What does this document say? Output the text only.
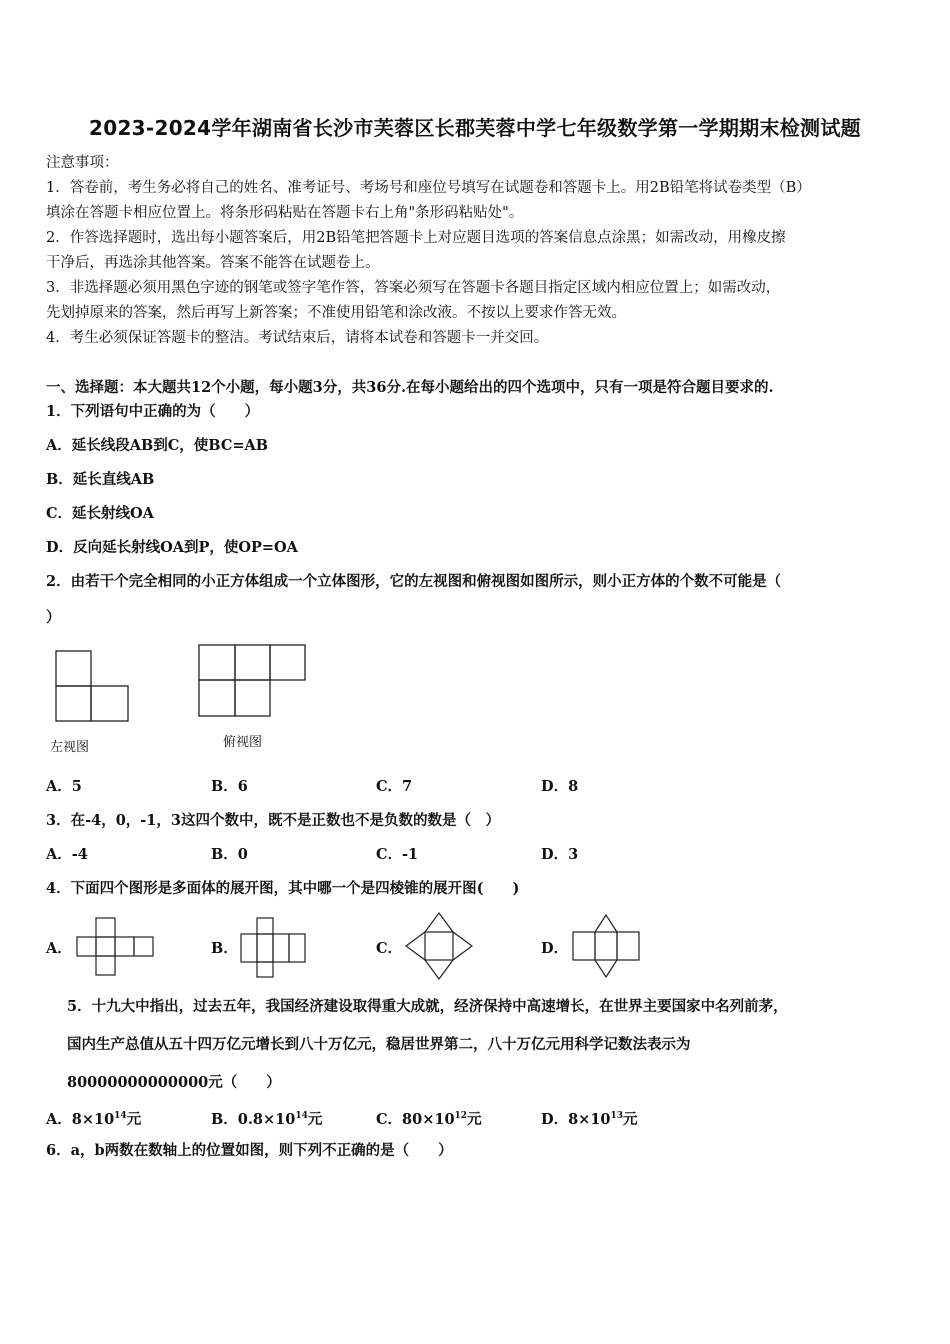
2023-2024学年湖南省长沙市芙蓉区长郡芙蓉中学七年级数学第一学期期末检测试题
注意事项：
1．答卷前，考生务必将自己的姓名、准考证号、考场号和座位号填写在试题卷和答题卡上。用2B铅笔将试卷类型（B）
填涂在答题卡相应位置上。将条形码粘贴在答题卡右上角"条形码粘贴处"。
2．作答选择题时，选出每小题答案后，用2B铅笔把答题卡上对应题目选项的答案信息点涂黑；如需改动，用橡皮擦
干净后，再选涂其他答案。答案不能答在试题卷上。
3．非选择题必须用黑色字迹的钢笔或签字笔作答，答案必须写在答题卡各题目指定区域内相应位置上；如需改动，
先划掉原来的答案，然后再写上新答案；不准使用铅笔和涂改液。不按以上要求作答无效。
4．考生必须保证答题卡的整洁。考试结束后，请将本试卷和答题卡一并交回。
一、选择题：本大题共12个小题，每小题3分，共36分.在每小题给出的四个选项中，只有一项是符合题目要求的.
1．下列语句中正确的为（　　）
A．延长线段AB到C，使BC=AB
B．延长直线AB
C．延长射线OA
D．反向延长射线OA到P，使OP=OA
2．由若干个完全相同的小正方体组成一个立体图形，它的左视图和俯视图如图所示，则小正方体的个数不可能是（
）
左视图	俯视图
A．5	B．6	C．7	D．8
3．在-4，0，-1，3这四个数中，既不是正数也不是负数的数是（　）
A．-4	B．0	C．-1	D．3
4．下面四个图形是多面体的展开图，其中哪一个是四棱锥的展开图(　　)
A．	B．	C．	D．
5．十九大中指出，过去五年，我国经济建设取得重大成就，经济保持中高速增长，在世界主要国家中名列前茅，
国内生产总值从五十四万亿元增长到八十万亿元，稳居世界第二，八十万亿元用科学记数法表示为
80000000000000元（　　）
A．$8\times 10^{14}$元	B．$0.8\times 10^{14}$元	C．$80\times 10^{12}$元	D．$8\times 10^{13}$元
6．a，b两数在数轴上的位置如图，则下列不正确的是（　　）
